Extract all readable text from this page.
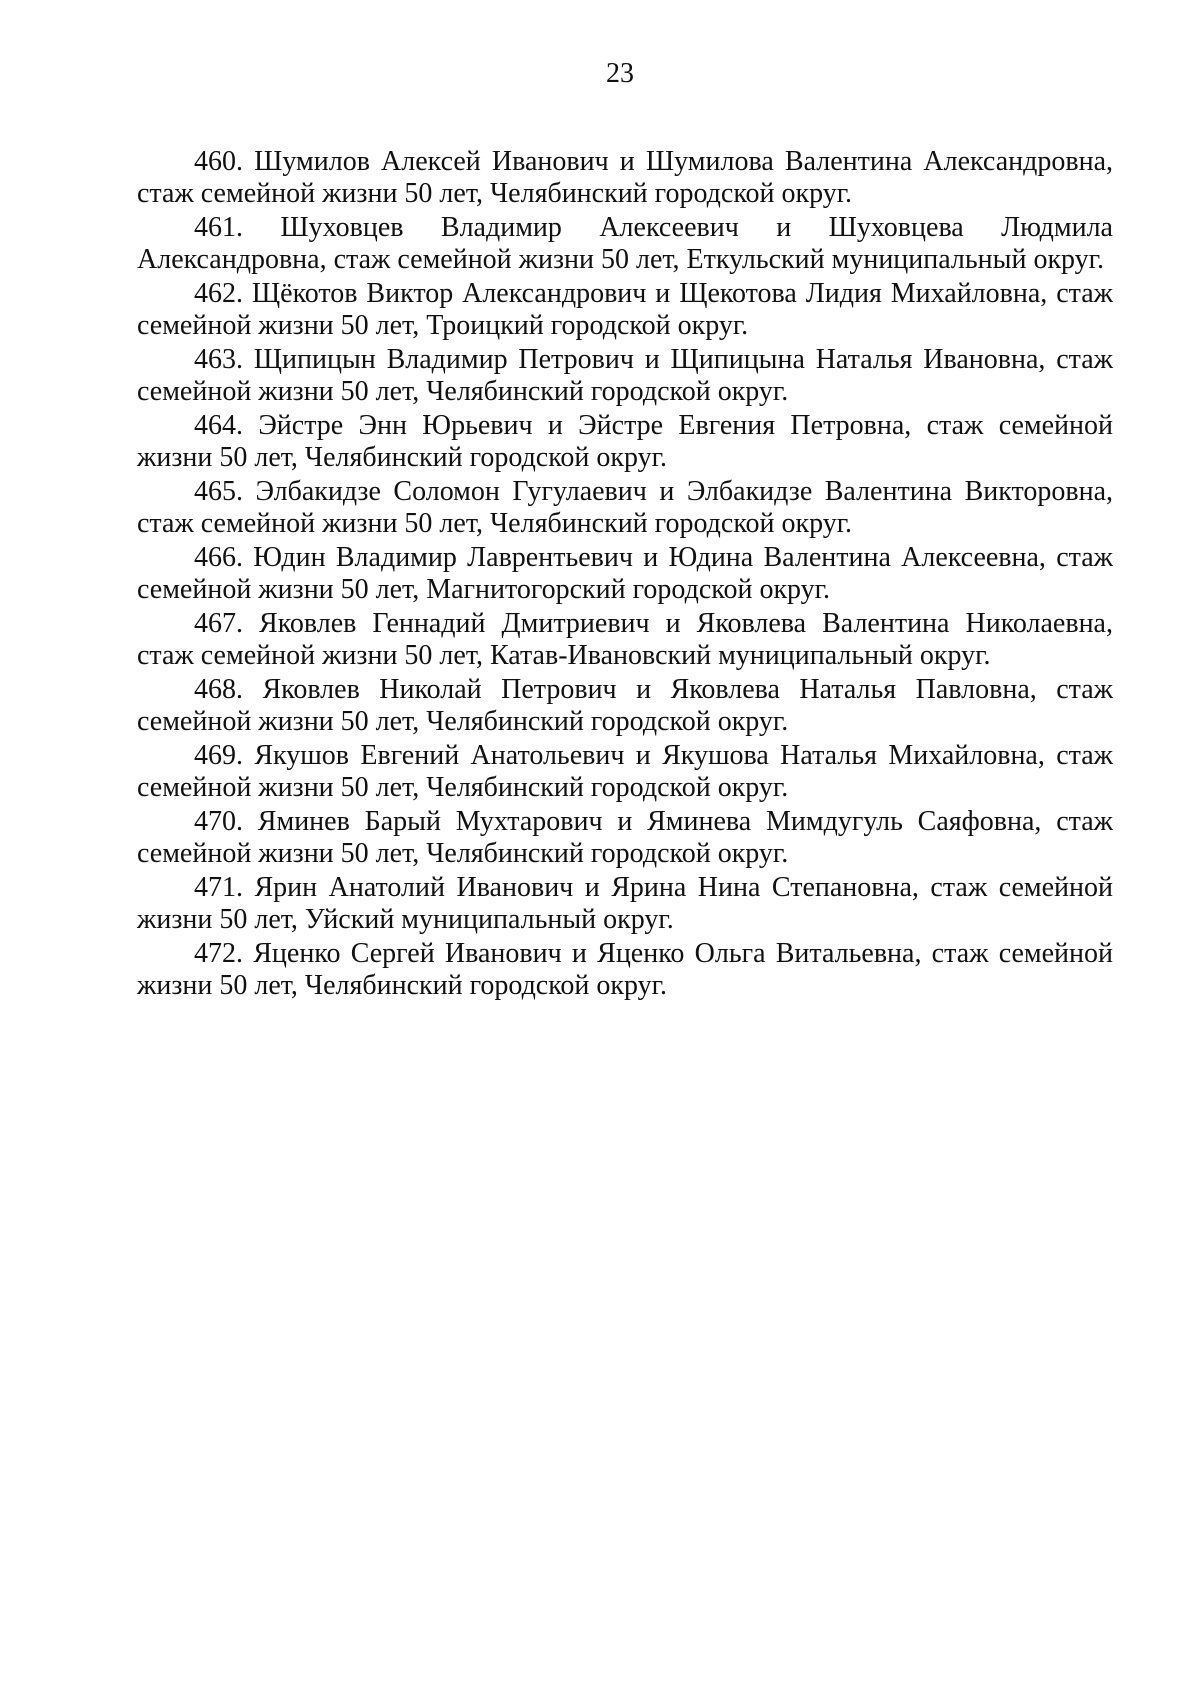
23
460. Шумилов Алексей Иванович и Шумилова Валентина Александровна, стаж семейной жизни 50 лет, Челябинский городской округ.
461. Шуховцев Владимир Алексеевич и Шуховцева Людмила Александровна, стаж семейной жизни 50 лет, Еткульский муниципальный округ.
462. Щёкотов Виктор Александрович и Щекотова Лидия Михайловна, стаж семейной жизни 50 лет, Троицкий городской округ.
463. Щипицын Владимир Петрович и Щипицына Наталья Ивановна, стаж семейной жизни 50 лет, Челябинский городской округ.
464. Эйстре Энн Юрьевич и Эйстре Евгения Петровна, стаж семейной жизни 50 лет, Челябинский городской округ.
465. Элбакидзе Соломон Гугулаевич и Элбакидзе Валентина Викторовна, стаж семейной жизни 50 лет, Челябинский городской округ.
466. Юдин Владимир Лаврентьевич и Юдина Валентина Алексеевна, стаж семейной жизни 50 лет, Магнитогорский городской округ.
467. Яковлев Геннадий Дмитриевич и Яковлева Валентина Николаевна, стаж семейной жизни 50 лет, Катав-Ивановский муниципальный округ.
468. Яковлев Николай Петрович и Яковлева Наталья Павловна, стаж семейной жизни 50 лет, Челябинский городской округ.
469. Якушов Евгений Анатольевич и Якушова Наталья Михайловна, стаж семейной жизни 50 лет, Челябинский городской округ.
470. Яминев Барый Мухтарович и Яминева Мимдугуль Саяфовна, стаж семейной жизни 50 лет, Челябинский городской округ.
471. Ярин Анатолий Иванович и Ярина Нина Степановна, стаж семейной жизни 50 лет, Уйский муниципальный округ.
472. Яценко Сергей Иванович и Яценко Ольга Витальевна, стаж семейной жизни 50 лет, Челябинский городской округ.
